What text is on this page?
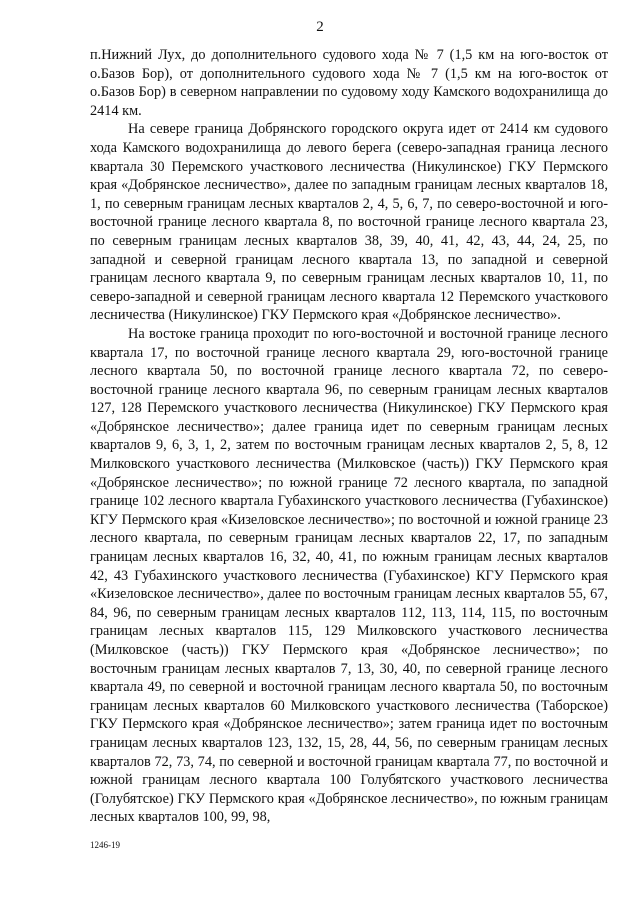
2

п.Нижний Лух, до дополнительного судового хода № 7 (1,5 км на юго-восток от о.Базов Бор), от дополнительного судового хода № 7 (1,5 км на юго-восток от о.Базов Бор) в северном направлении по судовому ходу Камского водохранилища до 2414 км.

На севере граница Добрянского городского округа идет от 2414 км судового хода Камского водохранилища до левого берега (северо-западная граница лесного квартала 30 Перемского участкового лесничества (Никулинское) ГКУ Пермского края «Добрянское лесничество», далее по западным границам лесных кварталов 18, 1, по северным границам лесных кварталов 2, 4, 5, 6, 7, по северо-восточной и юго-восточной границе лесного квартала 8, по восточной границе лесного квартала 23, по северным границам лесных кварталов 38, 39, 40, 41, 42, 43, 44, 24, 25, по западной и северной границам лесного квартала 13, по западной и северной границам лесного квартала 9, по северным границам лесных кварталов 10, 11, по северо-западной и северной границам лесного квартала 12 Перемского участкового лесничества (Никулинское) ГКУ Пермского края «Добрянское лесничество».

На востоке граница проходит по юго-восточной и восточной границе лесного квартала 17, по восточной границе лесного квартала 29, юго-восточной границе лесного квартала 50, по восточной границе лесного квартала 72, по северо-восточной границе лесного квартала 96, по северным границам лесных кварталов 127, 128 Перемского участкового лесничества (Никулинское) ГКУ Пермского края «Добрянское лесничество»; далее граница идет по северным границам лесных кварталов 9, 6, 3, 1, 2, затем по восточным границам лесных кварталов 2, 5, 8, 12 Милковского участкового лесничества (Милковское (часть)) ГКУ Пермского края «Добрянское лесничество»; по южной границе 72 лесного квартала, по западной границе 102 лесного квартала Губахинского участкового лесничества (Губахинское) КГУ Пермского края «Кизеловское лесничество»; по восточной и южной границе 23 лесного квартала, по северным границам лесных кварталов 22, 17, по западным границам лесных кварталов 16, 32, 40, 41, по южным границам лесных кварталов 42, 43 Губахинского участкового лесничества (Губахинское) КГУ Пермского края «Кизеловское лесничество», далее по восточным границам лесных кварталов 55, 67, 84, 96, по северным границам лесных кварталов 112, 113, 114, 115, по восточным границам лесных кварталов 115, 129 Милковского участкового лесничества (Милковское (часть)) ГКУ Пермского края «Добрянское лесничество»; по восточным границам лесных кварталов 7, 13, 30, 40, по северной границе лесного квартала 49, по северной и восточной границам лесного квартала 50, по восточным границам лесных кварталов 60 Милковского участкового лесничества (Таборское) ГКУ Пермского края «Добрянское лесничество»; затем граница идет по восточным границам лесных кварталов 123, 132, 15, 28, 44, 56, по северным границам лесных кварталов 72, 73, 74, по северной и восточной границам квартала 77, по восточной и южной границам лесного квартала 100 Голубятского участкового лесничества (Голубятское) ГКУ Пермского края «Добрянское лесничество», по южным границам лесных кварталов 100, 99, 98,

1246-19
